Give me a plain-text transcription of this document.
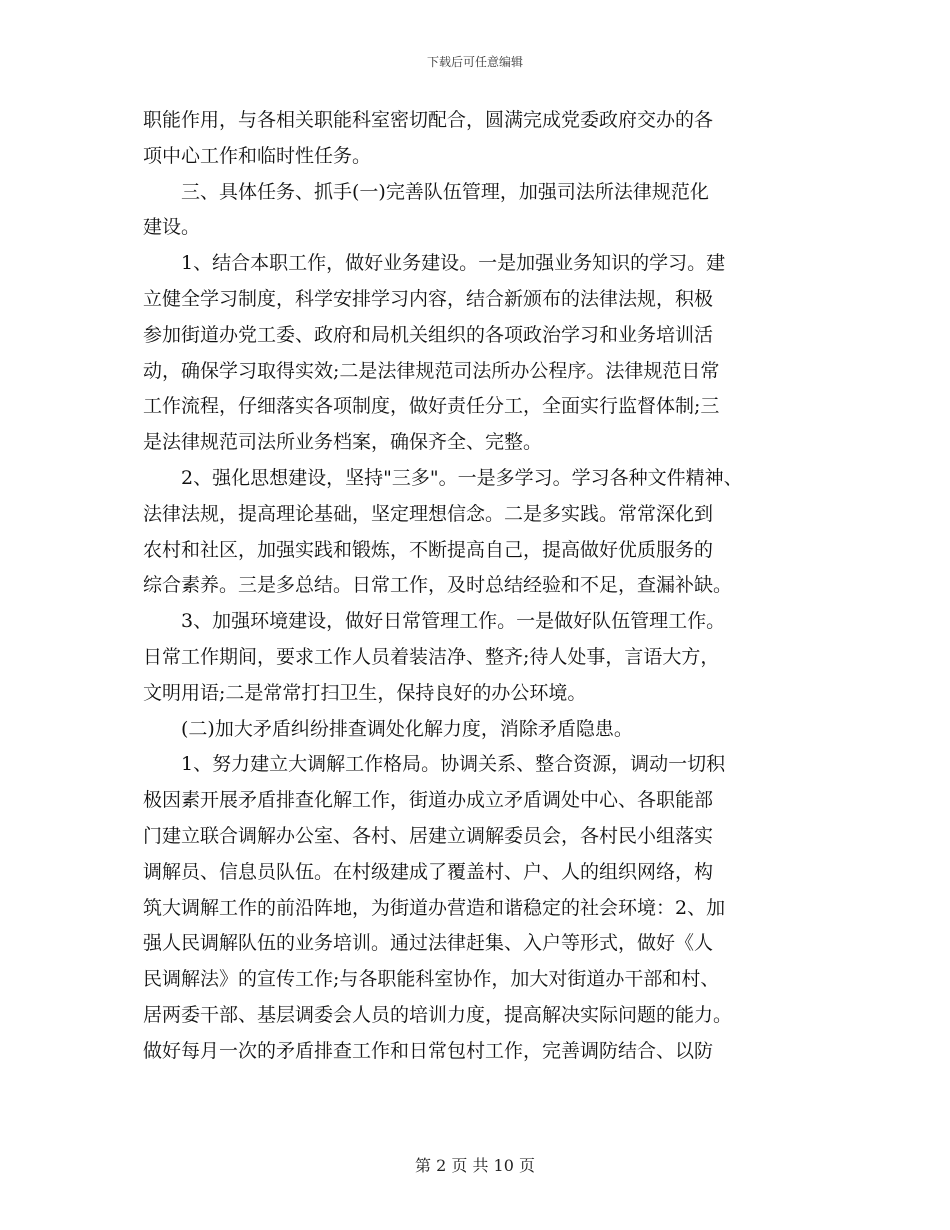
下载后可任意编辑
职能作用，与各相关职能科室密切配合，圆满完成党委政府交办的各
项中心工作和临时性任务。
　　三、具体任务、抓手(一)完善队伍管理，加强司法所法律规范化
建设。
　　1、结合本职工作，做好业务建设。一是加强业务知识的学习。建
立健全学习制度，科学安排学习内容，结合新颁布的法律法规，积极
参加街道办党工委、政府和局机关组织的各项政治学习和业务培训活
动，确保学习取得实效;二是法律规范司法所办公程序。法律规范日常
工作流程，仔细落实各项制度，做好责任分工，全面实行监督体制;三
是法律规范司法所业务档案，确保齐全、完整。
　　2、强化思想建设，坚持"三多"。一是多学习。学习各种文件精神、
法律法规，提高理论基础，坚定理想信念。二是多实践。常常深化到
农村和社区，加强实践和锻炼，不断提高自己，提高做好优质服务的
综合素养。三是多总结。日常工作，及时总结经验和不足，查漏补缺。
　　3、加强环境建设，做好日常管理工作。一是做好队伍管理工作。
日常工作期间，要求工作人员着装洁净、整齐;待人处事，言语大方，
文明用语;二是常常打扫卫生，保持良好的办公环境。
　　(二)加大矛盾纠纷排查调处化解力度，消除矛盾隐患。
　　1、努力建立大调解工作格局。协调关系、整合资源，调动一切积
极因素开展矛盾排查化解工作，街道办成立矛盾调处中心、各职能部
门建立联合调解办公室、各村、居建立调解委员会，各村民小组落实
调解员、信息员队伍。在村级建成了覆盖村、户、人的组织网络，构
筑大调解工作的前沿阵地，为街道办营造和谐稳定的社会环境：2、加
强人民调解队伍的业务培训。通过法律赶集、入户等形式，做好《人
民调解法》的宣传工作;与各职能科室协作，加大对街道办干部和村、
居两委干部、基层调委会人员的培训力度，提高解决实际问题的能力。
做好每月一次的矛盾排查工作和日常包村工作，完善调防结合、以防
第 2 页 共 10 页
